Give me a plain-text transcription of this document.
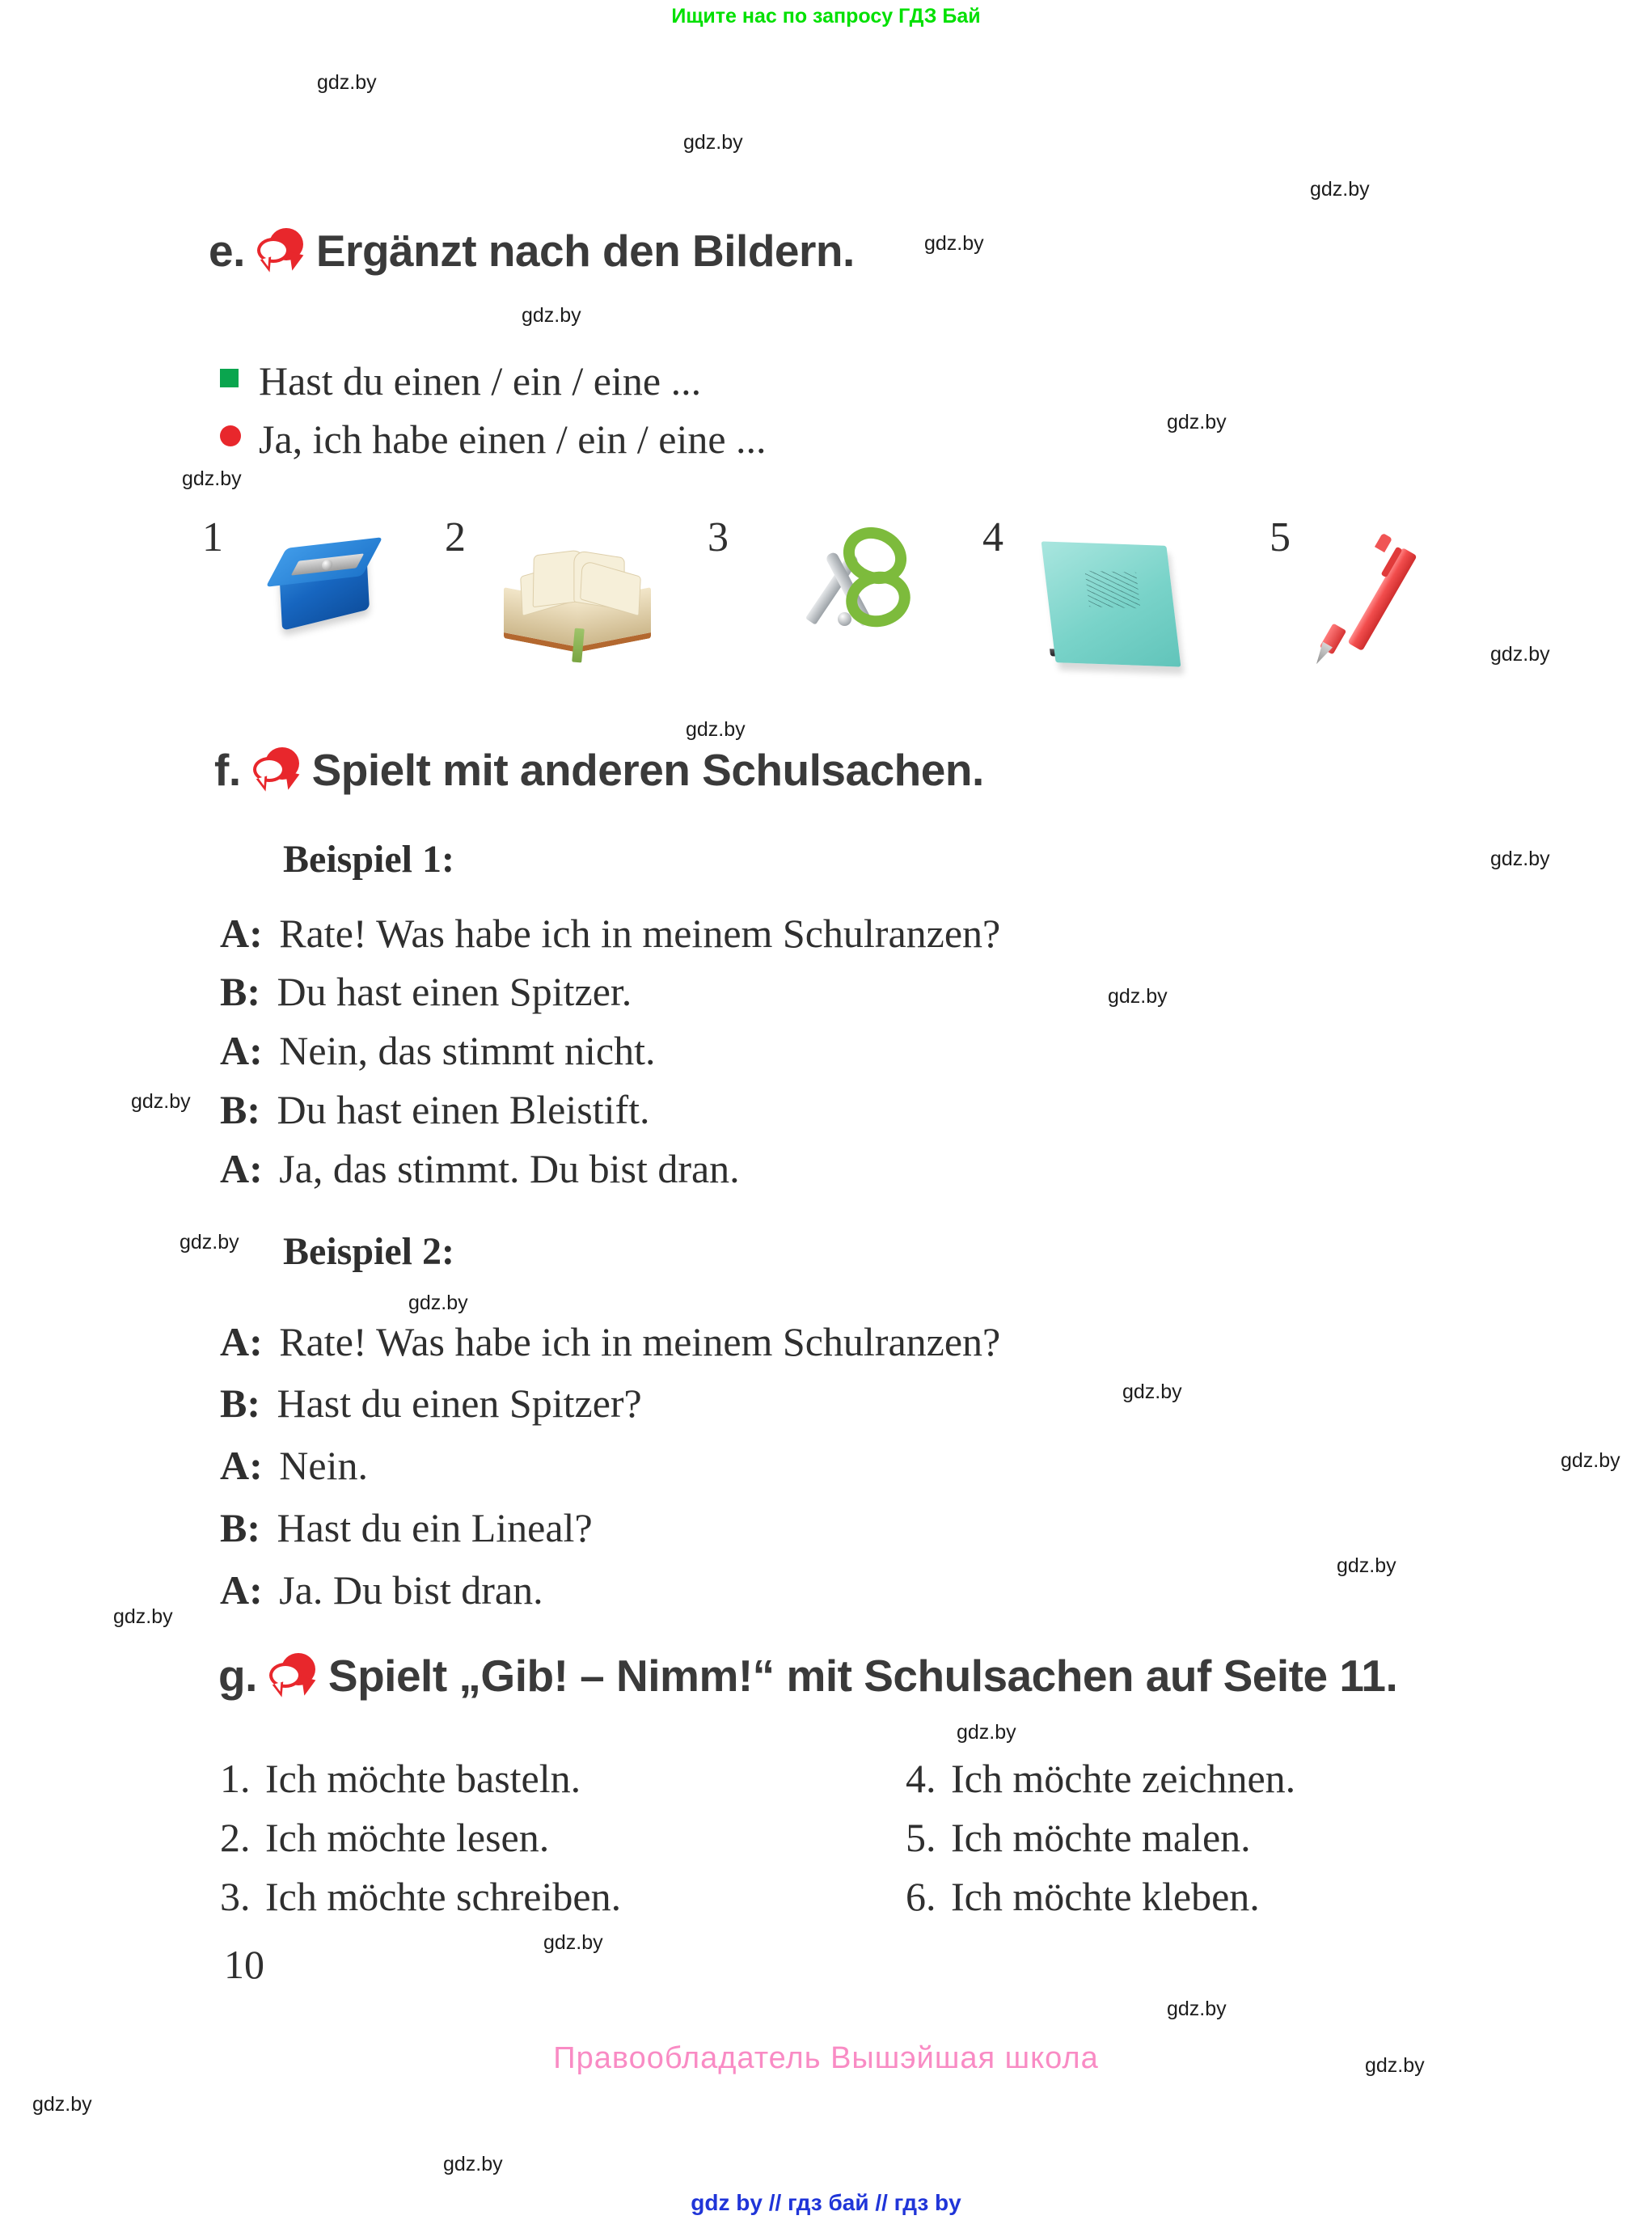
Ищите нас по запросу ГДЗ Бай
gdz.by
gdz.by
gdz.by
gdz.by
gdz.by
gdz.by
gdz.by
gdz.by
gdz.by
gdz.by
gdz.by
gdz.by
gdz.by
gdz.by
gdz.by
gdz.by
gdz.by
gdz.by
gdz.by
gdz.by
gdz.by
gdz.by
gdz.by
gdz.by
e. Ergänzt nach den Bildern.
Hast du einen / ein / eine ...
Ja, ich habe einen / ein / eine ...
1	2	3	4	5
f. Spielt mit anderen Schulsachen.
Beispiel 1:
A: Rate! Was habe ich in meinem Schulranzen?
B: Du hast einen Spitzer.
A: Nein, das stimmt nicht.
B: Du hast einen Bleistift.
A: Ja, das stimmt. Du bist dran.
Beispiel 2:
A: Rate! Was habe ich in meinem Schulranzen?
B: Hast du einen Spitzer?
A: Nein.
B: Hast du ein Lineal?
A: Ja. Du bist dran.
g. Spielt „Gib! – Nimm!“ mit Schulsachen auf Seite 11.
1. Ich möchte basteln.
2. Ich möchte lesen.
3. Ich möchte schreiben.
4. Ich möchte zeichnen.
5. Ich möchte malen.
6. Ich möchte kleben.
10
Правообладатель Вышэйшая школа
gdz by // гдз бай // гдз by
